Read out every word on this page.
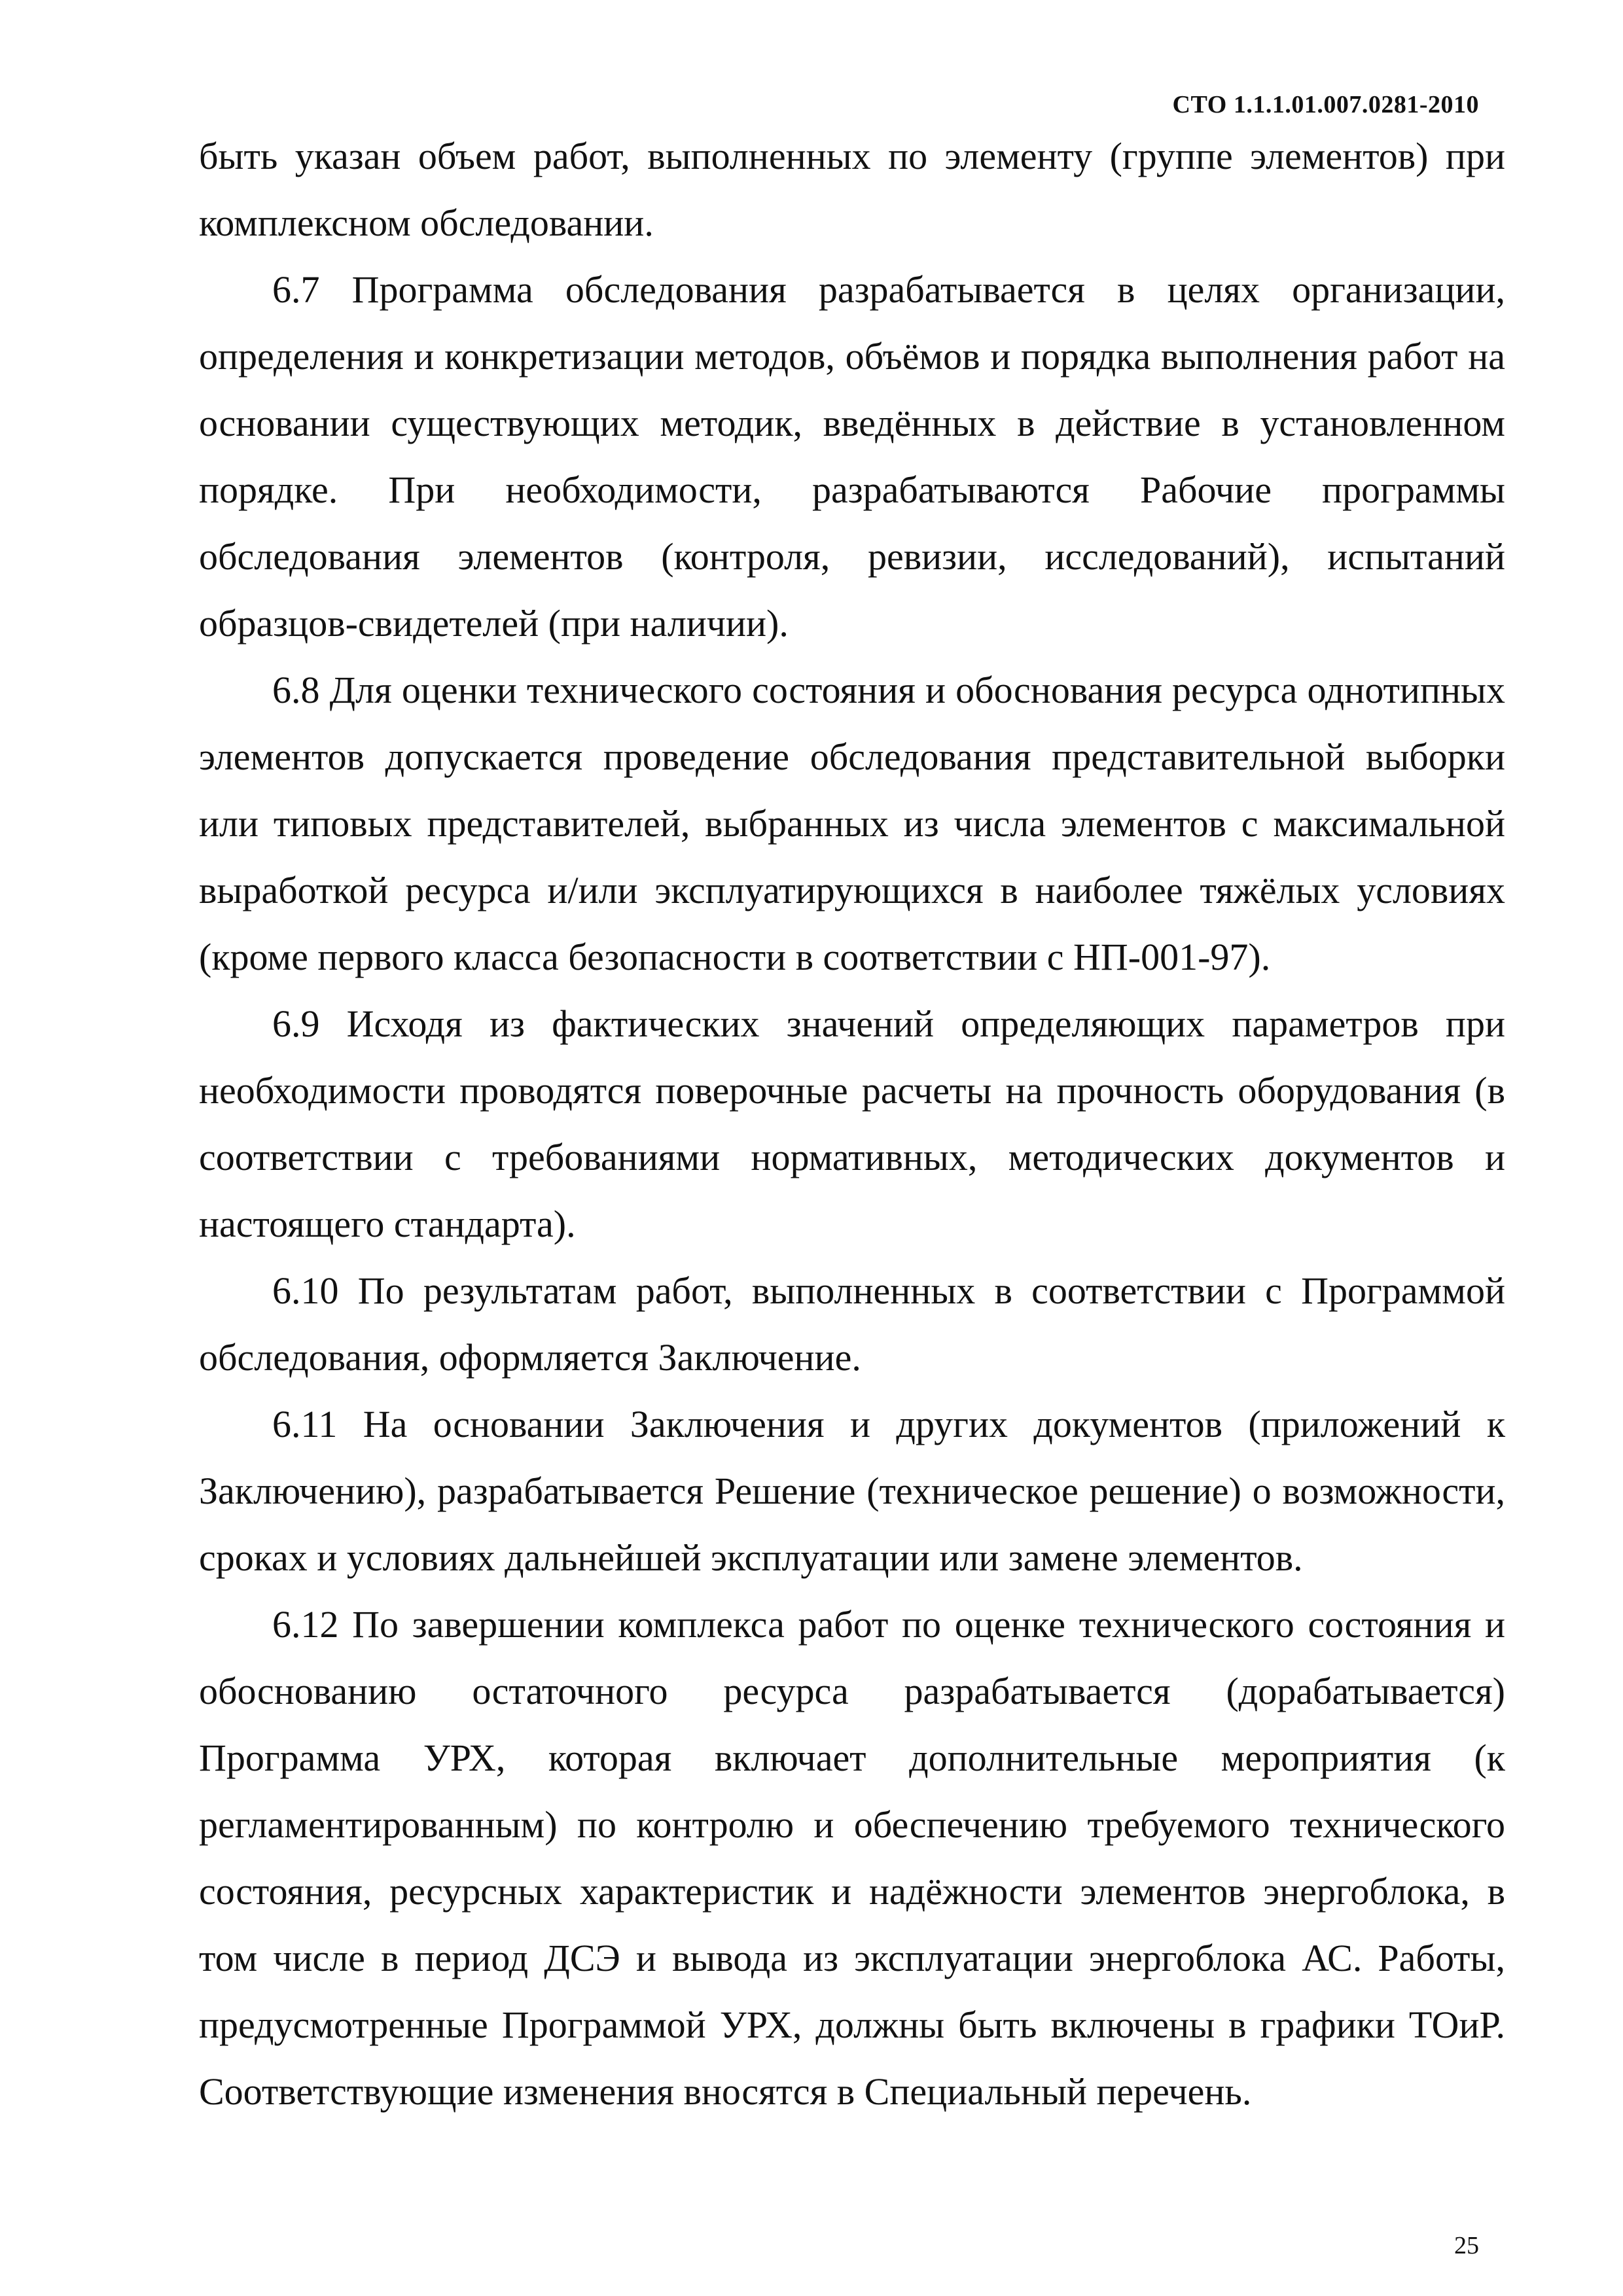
СТО 1.1.1.01.007.0281-2010

быть указан объем работ, выполненных по элементу (группе элементов) при комплексном обследовании.

6.7 Программа обследования разрабатывается в целях организации, определения и конкретизации методов, объёмов и порядка выполнения работ на основании существующих методик, введённых в действие в установленном порядке. При необходимости, разрабатываются Рабочие программы обследования элементов (контроля, ревизии, исследований), испытаний образцов-свидетелей (при наличии).

6.8 Для оценки технического состояния и обоснования ресурса однотипных элементов допускается проведение обследования представительной выборки или типовых представителей, выбранных из числа элементов с максимальной выработкой ресурса и/или эксплуатирующихся в наиболее тяжёлых условиях (кроме первого класса безопасности в соответствии с НП-001-97).

6.9 Исходя из фактических значений определяющих параметров при необходимости проводятся поверочные расчеты на прочность оборудования (в соответствии с требованиями нормативных, методических документов и настоящего стандарта).

6.10 По результатам работ, выполненных в соответствии с Программой обследования, оформляется Заключение.

6.11 На основании Заключения и других документов (приложений к Заключению), разрабатывается Решение (техническое решение) о возможности, сроках и условиях дальнейшей эксплуатации или замене элементов.

6.12 По завершении комплекса работ по оценке технического состояния и обоснованию остаточного ресурса разрабатывается (дорабатывается) Программа УРХ, которая включает дополнительные мероприятия (к регламентированным) по контролю и обеспечению требуемого технического состояния, ресурсных характеристик и надёжности элементов энергоблока, в том числе в период ДСЭ и вывода из эксплуатации энергоблока АС. Работы, предусмотренные Программой УРХ, должны быть включены в графики ТОиР. Соответствующие изменения вносятся в Специальный перечень.

25
